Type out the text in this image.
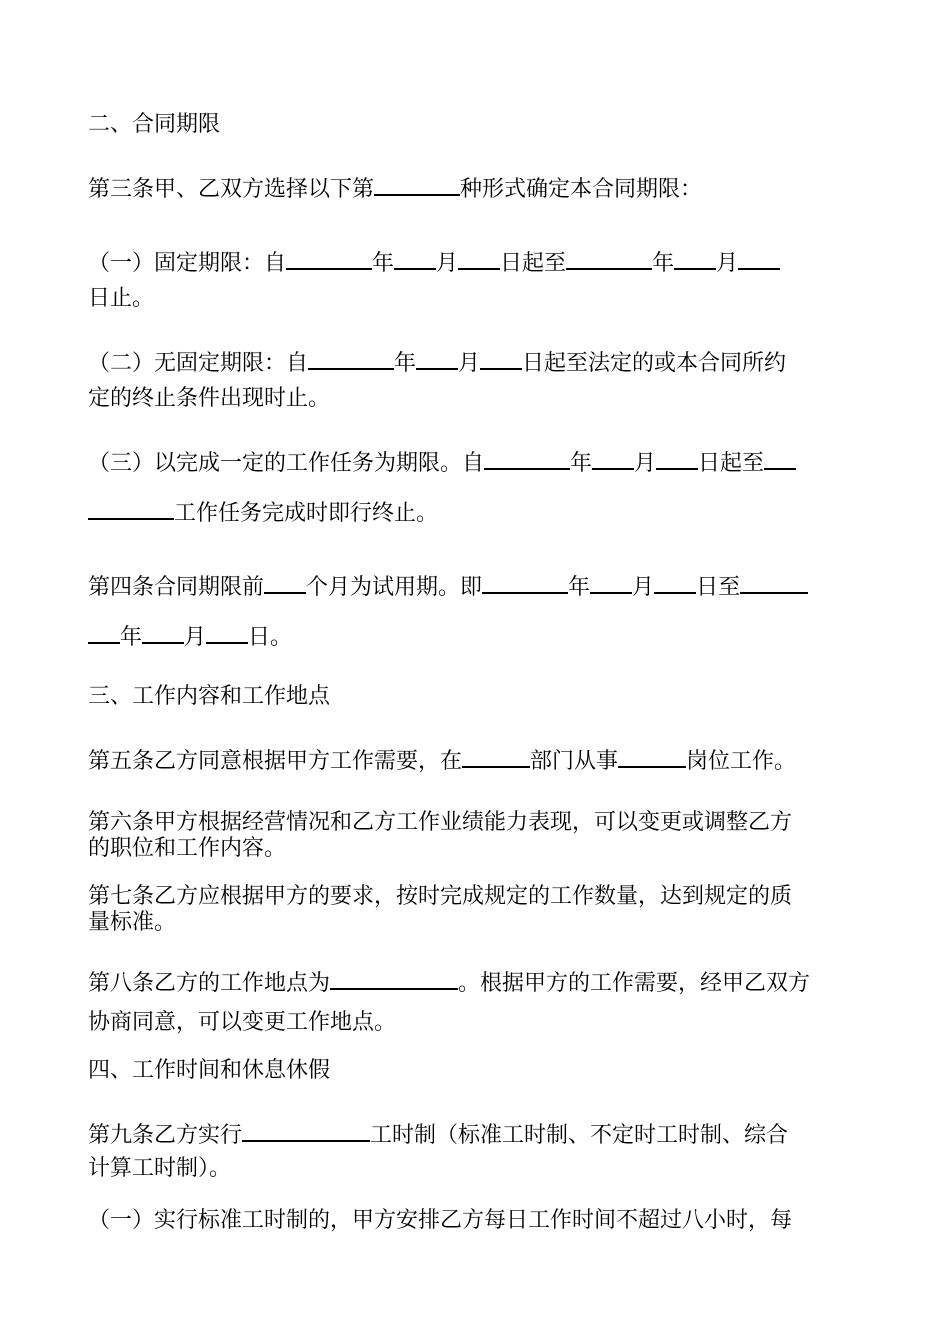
二、合同期限
第三条甲、乙双方选择以下第	种形式确定本合同期限：
（一）固定期限：自	年 月 日起至	年 月
日止。
（二）无固定期限：自	年 月 日起至法定的或本合同所约
定的终止条件出现时止。
（三）以完成一定的工作任务为期限。自	年 月 日起至
工作任务完成时即行终止。
第四条合同期限前 个月为试用期。即	年 月 日至
年 月 日。
三、工作内容和工作地点
第五条乙方同意根据甲方工作需要，在	部门从事	岗位工作。
第六条甲方根据经营情况和乙方工作业绩能力表现，可以变更或调整乙方
的职位和工作内容。
第七条乙方应根据甲方的要求，按时完成规定的工作数量，达到规定的质
量标准。
第八条乙方的工作地点为	。根据甲方的工作需要，经甲乙双方
协商同意，可以变更工作地点。
四、工作时间和休息休假
第九条乙方实行	工时制（标准工时制、不定时工时制、综合
计算工时制）。
（一）实行标准工时制的，甲方安排乙方每日工作时间不超过八小时，每
